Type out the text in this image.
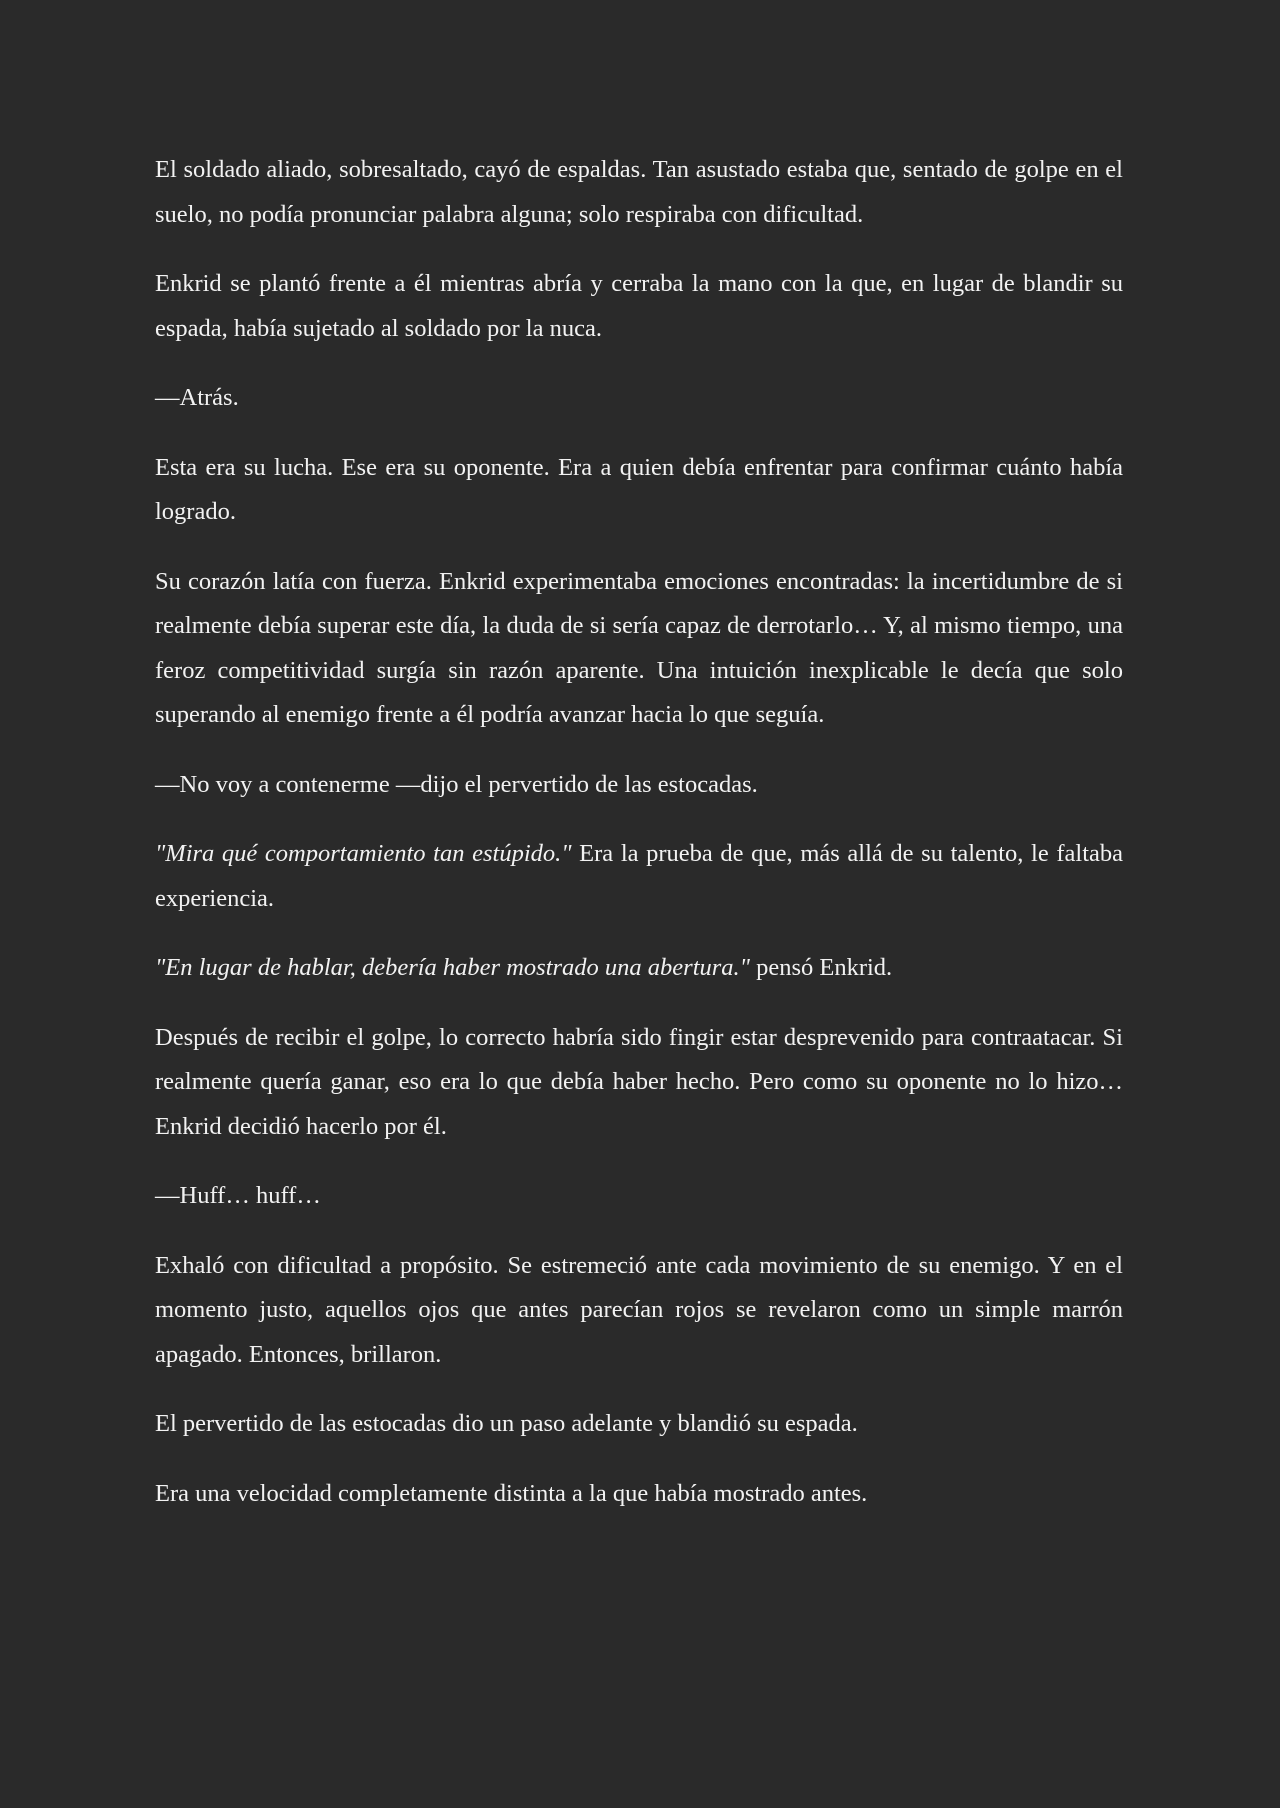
El soldado aliado, sobresaltado, cayó de espaldas. Tan asustado estaba que, sentado de golpe en el suelo, no podía pronunciar palabra alguna; solo respiraba con dificultad.

Enkrid se plantó frente a él mientras abría y cerraba la mano con la que, en lugar de blandir su espada, había sujetado al soldado por la nuca.

—Atrás.

Esta era su lucha. Ese era su oponente. Era a quien debía enfrentar para confirmar cuánto había logrado.

Su corazón latía con fuerza. Enkrid experimentaba emociones encontradas: la incertidumbre de si realmente debía superar este día, la duda de si sería capaz de derrotarlo… Y, al mismo tiempo, una feroz competitividad surgía sin razón aparente. Una intuición inexplicable le decía que solo superando al enemigo frente a él podría avanzar hacia lo que seguía.

—No voy a contenerme —dijo el pervertido de las estocadas.

"Mira qué comportamiento tan estúpido." Era la prueba de que, más allá de su talento, le faltaba experiencia.

"En lugar de hablar, debería haber mostrado una abertura." pensó Enkrid.

Después de recibir el golpe, lo correcto habría sido fingir estar desprevenido para contraatacar. Si realmente quería ganar, eso era lo que debía haber hecho. Pero como su oponente no lo hizo… Enkrid decidió hacerlo por él.

—Huff… huff…

Exhaló con dificultad a propósito. Se estremeció ante cada movimiento de su enemigo. Y en el momento justo, aquellos ojos que antes parecían rojos se revelaron como un simple marrón apagado. Entonces, brillaron.

El pervertido de las estocadas dio un paso adelante y blandió su espada.

Era una velocidad completamente distinta a la que había mostrado antes.
